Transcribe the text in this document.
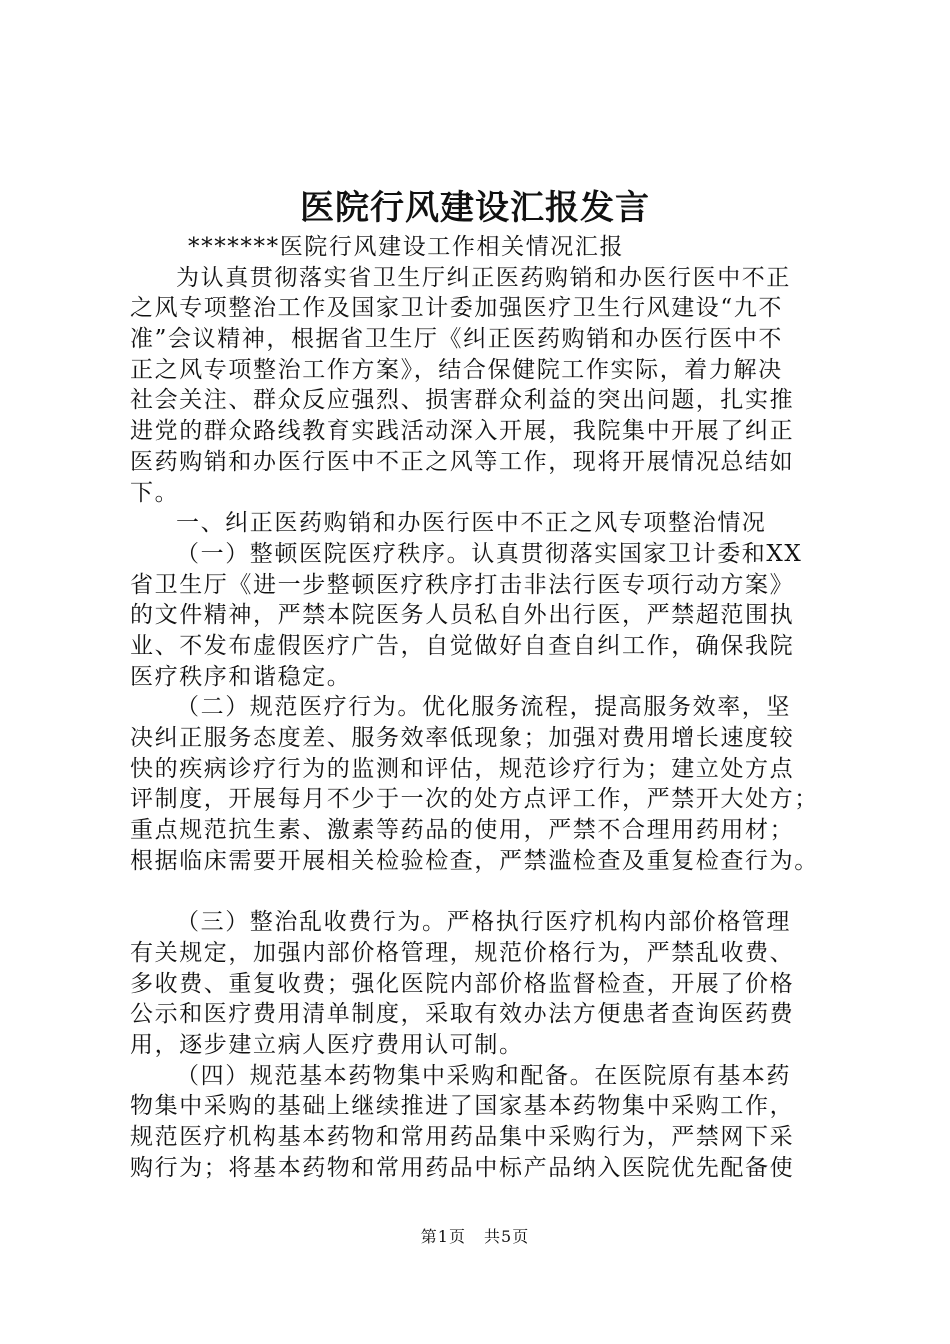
医院行风建设汇报发言
*******医院行风建设工作相关情况汇报
为认真贯彻落实省卫生厅纠正医药购销和办医行医中不正
之风专项整治工作及国家卫计委加强医疗卫生行风建设“九不
准”会议精神，根据省卫生厅《纠正医药购销和办医行医中不
正之风专项整治工作方案》，结合保健院工作实际，着力解决
社会关注、群众反应强烈、损害群众利益的突出问题，扎实推
进党的群众路线教育实践活动深入开展，我院集中开展了纠正
医药购销和办医行医中不正之风等工作，现将开展情况总结如
下。
一、纠正医药购销和办医行医中不正之风专项整治情况
（一）整顿医院医疗秩序。认真贯彻落实国家卫计委和XX
省卫生厅《进一步整顿医疗秩序打击非法行医专项行动方案》
的文件精神，严禁本院医务人员私自外出行医，严禁超范围执
业、不发布虚假医疗广告，自觉做好自查自纠工作，确保我院
医疗秩序和谐稳定。
（二）规范医疗行为。优化服务流程，提高服务效率，坚
决纠正服务态度差、服务效率低现象；加强对费用增长速度较
快的疾病诊疗行为的监测和评估，规范诊疗行为；建立处方点
评制度，开展每月不少于一次的处方点评工作，严禁开大处方；
重点规范抗生素、激素等药品的使用，严禁不合理用药用材；
根据临床需要开展相关检验检查，严禁滥检查及重复检查行为。
（三）整治乱收费行为。严格执行医疗机构内部价格管理
有关规定，加强内部价格管理，规范价格行为，严禁乱收费、
多收费、重复收费；强化医院内部价格监督检查，开展了价格
公示和医疗费用清单制度，采取有效办法方便患者查询医药费
用，逐步建立病人医疗费用认可制。
（四）规范基本药物集中采购和配备。在医院原有基本药
物集中采购的基础上继续推进了国家基本药物集中采购工作，
规范医疗机构基本药物和常用药品集中采购行为，严禁网下采
购行为；将基本药物和常用药品中标产品纳入医院优先配备使
第1页 共5页
